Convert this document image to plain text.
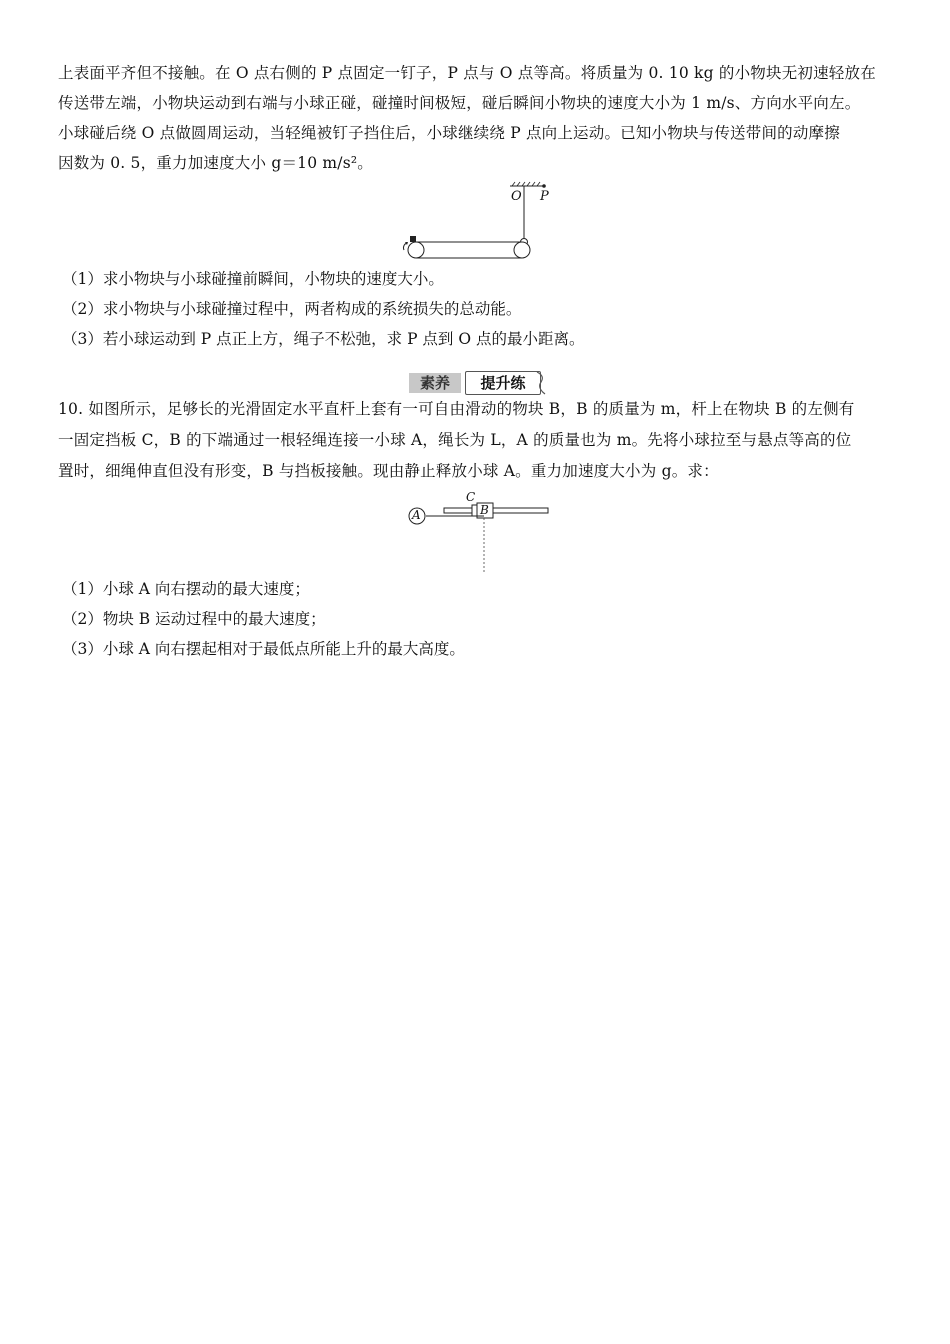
上表面平齐但不接触。在 O 点右侧的 P 点固定一钉子，P 点与 O 点等高。将质量为 0. 10 kg 的小物块无初速轻放在
传送带左端，小物块运动到右端与小球正碰，碰撞时间极短，碰后瞬间小物块的速度大小为 1 m/s、方向水平向左。
小球碰后绕 O 点做圆周运动，当轻绳被钉子挡住后，小球继续绕 P 点向上运动。已知小物块与传送带间的动摩擦
因数为 0. 5，重力加速度大小 g＝10 m/s²。
O P
（1）求小物块与小球碰撞前瞬间，小物块的速度大小。
（2）求小物块与小球碰撞过程中，两者构成的系统损失的总动能。
（3）若小球运动到 P 点正上方，绳子不松弛，求 P 点到 O 点的最小距离。
素养	提升练
10. 如图所示，足够长的光滑固定水平直杆上套有一可自由滑动的物块 B，B 的质量为 m，杆上在物块 B 的左侧有
一固定挡板 C，B 的下端通过一根轻绳连接一小球 A，绳长为 L，A 的质量也为 m。先将小球拉至与悬点等高的位
置时，细绳伸直但没有形变，B 与挡板接触。现由静止释放小球 A。重力加速度大小为 g。求：
A	B
C
（1）小球 A 向右摆动的最大速度；
（2）物块 B 运动过程中的最大速度；
（3）小球 A 向右摆起相对于最低点所能上升的最大高度。
